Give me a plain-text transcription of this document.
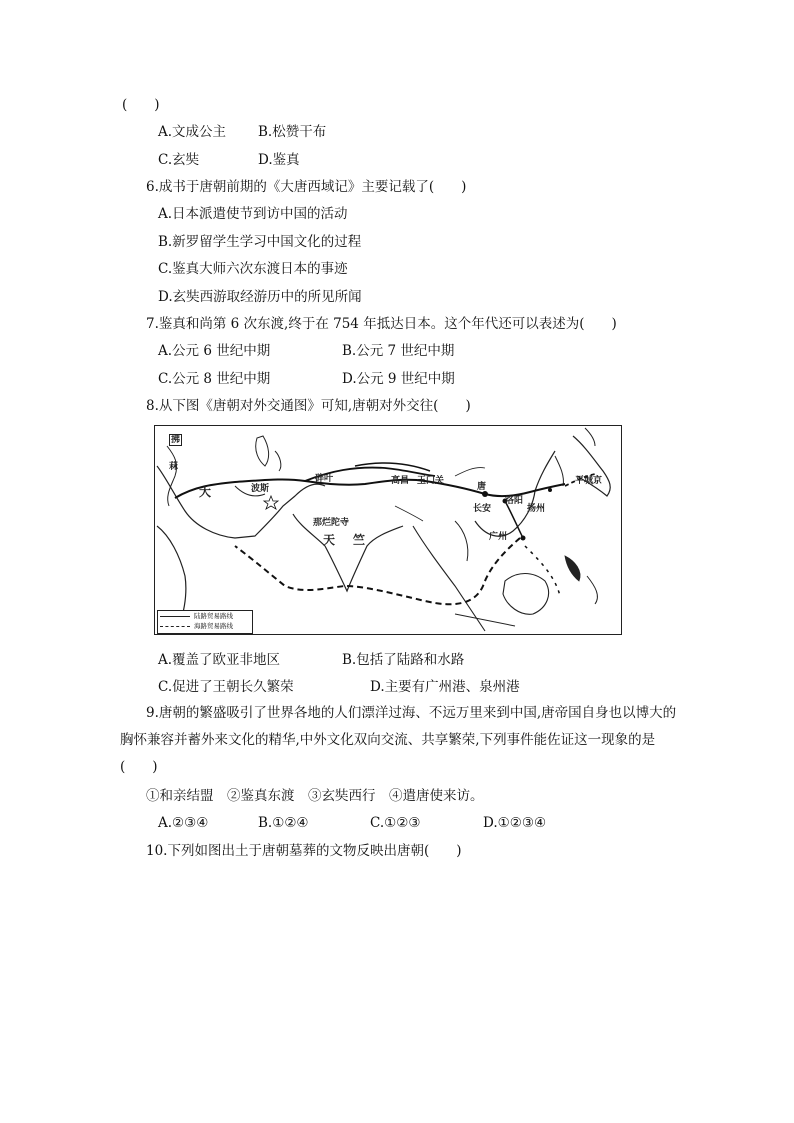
(　　)
A.文成公主 B.松赞干布
C.玄奘	D.鉴真
6.成书于唐朝前期的《大唐西域记》主要记载了(　　)
A.日本派遣使节到访中国的活动
B.新罗留学生学习中国文化的过程
C.鉴真大师六次东渡日本的事迹
D.玄奘西游取经游历中的所见所闻
7.鉴真和尚第 6 次东渡,终于在 754 年抵达日本。这个年代还可以表述为(　　)
A.公元 6 世纪中期	B.公元 7 世纪中期
C.公元 8 世纪中期	D.公元 9 世纪中期
8.从下图《唐朝对外交通图》可知,唐朝对外交往(　　)
拂
菻
大	波斯
碎叶	高昌 玉门关
那烂陀寺
天 竺
唐
洛阳
长安	扬州
广州
平城京
陆路贸易路线
海路贸易路线
A.覆盖了欧亚非地区	B.包括了陆路和水路
C.促进了王朝长久繁荣	D.主要有广州港、泉州港
9.唐朝的繁盛吸引了世界各地的人们漂洋过海、不远万里来到中国,唐帝国自身也以博大的胸怀兼容并蓄外来文化的精华,中外文化双向交流、共享繁荣,下列事件能佐证这一现象的是(　　)
①和亲结盟　②鉴真东渡　③玄奘西行　④遣唐使来访。
A.②③④	B.①②④	C.①②③	D.①②③④
10.下列如图出土于唐朝墓葬的文物反映出唐朝(　　)
